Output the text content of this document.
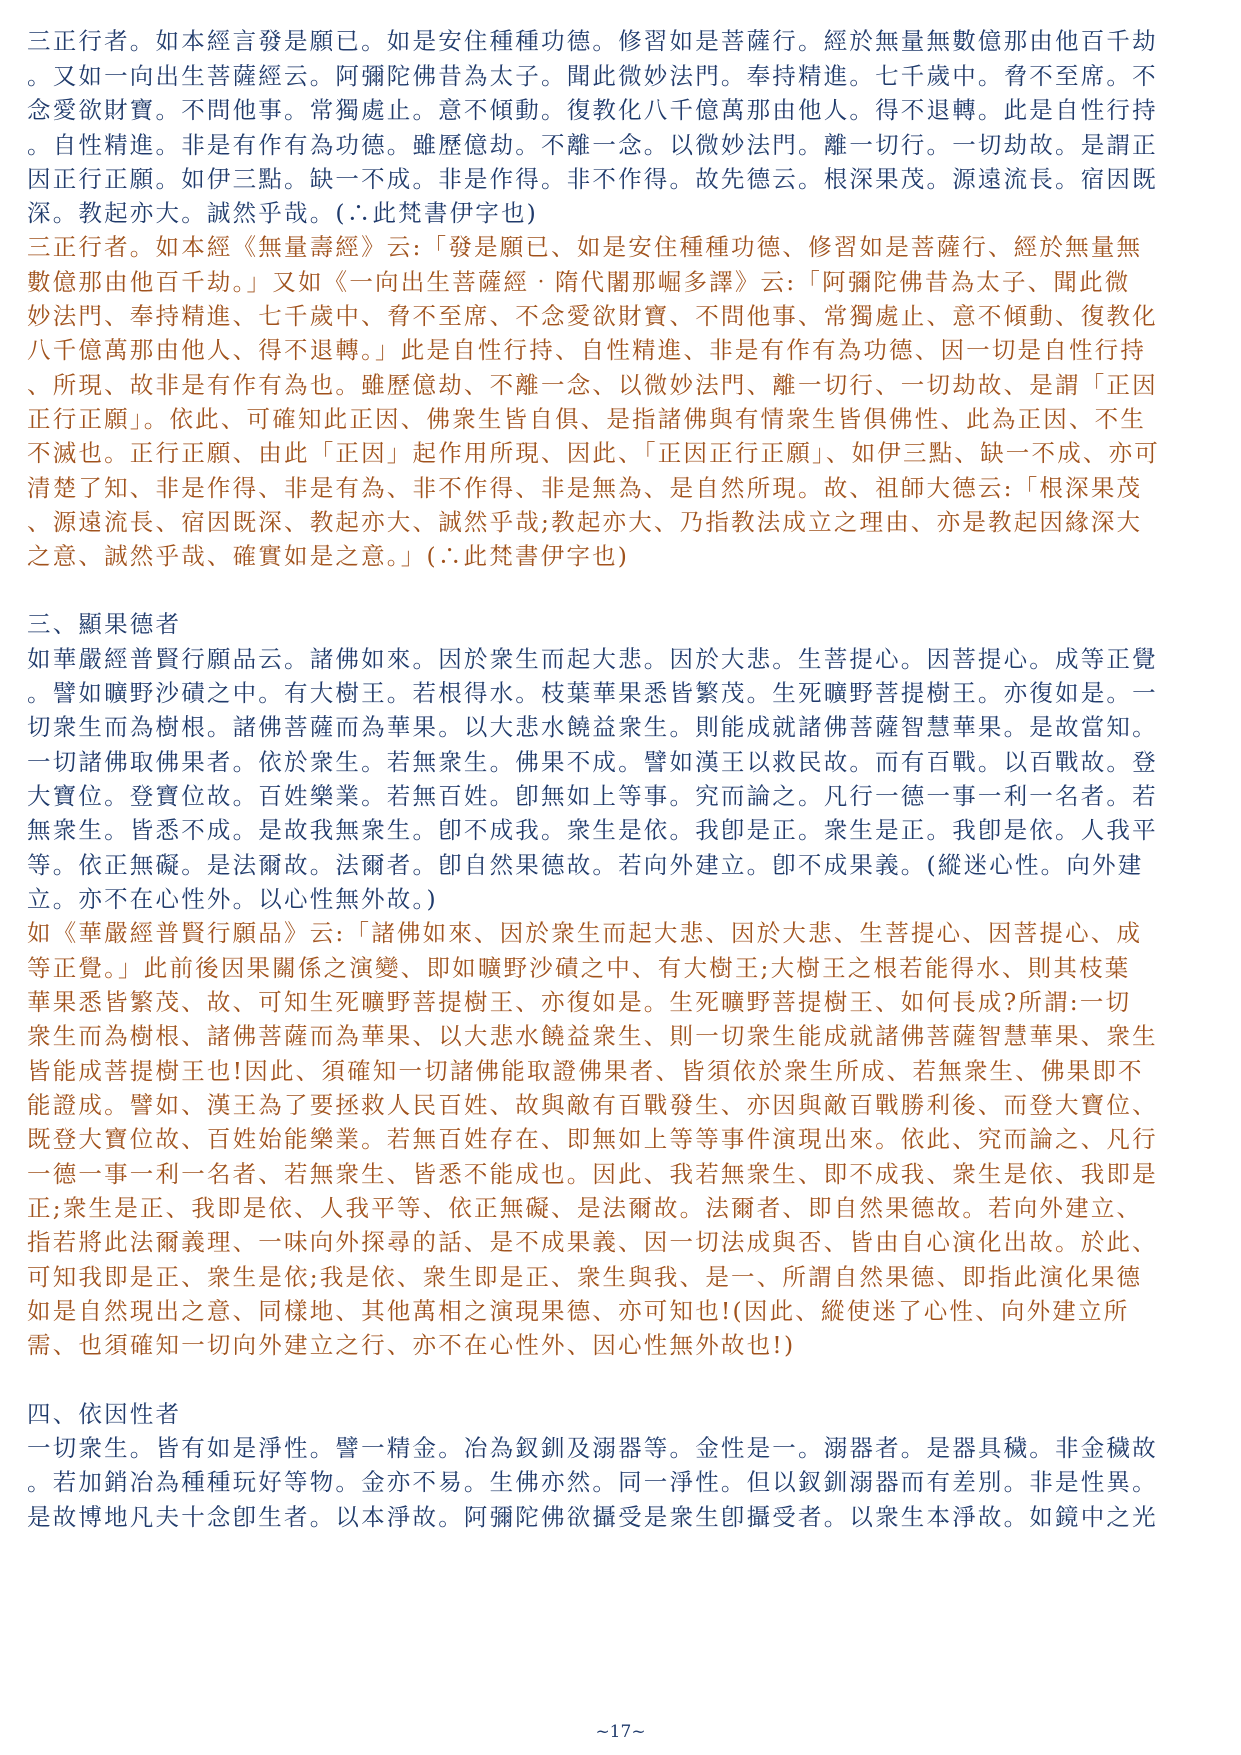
三正行者。如本經言發是願已。如是安住種種功德。修習如是菩薩行。經於無量無數億那由他百千劫
。又如一向出生菩薩經云。阿彌陀佛昔為太子。聞此微妙法門。奉持精進。七千歲中。脅不至席。不
念愛欲財寶。不問他事。常獨處止。意不傾動。復教化八千億萬那由他人。得不退轉。此是自性行持
。自性精進。非是有作有為功德。雖歷億劫。不離一念。以微妙法門。離一切行。一切劫故。是謂正
因正行正願。如伊三點。缺一不成。非是作得。非不作得。故先德云。根深果茂。源遠流長。宿因既
深。教起亦大。誠然乎哉。(∴此梵書伊字也)
三正行者。如本經《無量壽經》云:「發是願已、如是安住種種功德、修習如是菩薩行、經於無量無
數億那由他百千劫。」又如《一向出生菩薩經‧隋代闍那崛多譯》云:「阿彌陀佛昔為太子、聞此微
妙法門、奉持精進、七千歲中、脅不至席、不念愛欲財寶、不問他事、常獨處止、意不傾動、復教化
八千億萬那由他人、得不退轉。」此是自性行持、自性精進、非是有作有為功德、因一切是自性行持
、所現、故非是有作有為也。雖歷億劫、不離一念、以微妙法門、離一切行、一切劫故、是謂「正因
正行正願」。依此、可確知此正因、佛衆生皆自俱、是指諸佛與有情衆生皆俱佛性、此為正因、不生
不滅也。正行正願、由此「正因」起作用所現、因此、「正因正行正願」、如伊三點、缺一不成、亦可
清楚了知、非是作得、非是有為、非不作得、非是無為、是自然所現。故、祖師大德云:「根深果茂
、源遠流長、宿因既深、教起亦大、誠然乎哉;教起亦大、乃指教法成立之理由、亦是教起因緣深大
之意、誠然乎哉、確實如是之意。」(∴此梵書伊字也)
三、顯果德者
如華嚴經普賢行願品云。諸佛如來。因於衆生而起大悲。因於大悲。生菩提心。因菩提心。成等正覺
。譬如曠野沙磧之中。有大樹王。若根得水。枝葉華果悉皆繁茂。生死曠野菩提樹王。亦復如是。一
切衆生而為樹根。諸佛菩薩而為華果。以大悲水饒益衆生。則能成就諸佛菩薩智慧華果。是故當知。
一切諸佛取佛果者。依於衆生。若無衆生。佛果不成。譬如漢王以救民故。而有百戰。以百戰故。登
大寶位。登寶位故。百姓樂業。若無百姓。卽無如上等事。究而論之。凡行一德一事一利一名者。若
無衆生。皆悉不成。是故我無衆生。卽不成我。衆生是依。我卽是正。衆生是正。我卽是依。人我平
等。依正無礙。是法爾故。法爾者。卽自然果德故。若向外建立。卽不成果義。(縱迷心性。向外建
立。亦不在心性外。以心性無外故。)
如《華嚴經普賢行願品》云:「諸佛如來、因於衆生而起大悲、因於大悲、生菩提心、因菩提心、成
等正覺。」此前後因果關係之演變、即如曠野沙磧之中、有大樹王;大樹王之根若能得水、則其枝葉
華果悉皆繁茂、故、可知生死曠野菩提樹王、亦復如是。生死曠野菩提樹王、如何長成?所謂:一切
衆生而為樹根、諸佛菩薩而為華果、以大悲水饒益衆生、則一切衆生能成就諸佛菩薩智慧華果、衆生
皆能成菩提樹王也!因此、須確知一切諸佛能取證佛果者、皆須依於衆生所成、若無衆生、佛果即不
能證成。譬如、漢王為了要拯救人民百姓、故與敵有百戰發生、亦因與敵百戰勝利後、而登大寶位、
既登大寶位故、百姓始能樂業。若無百姓存在、即無如上等等事件演現出來。依此、究而論之、凡行
一德一事一利一名者、若無衆生、皆悉不能成也。因此、我若無衆生、即不成我、衆生是依、我即是
正;衆生是正、我即是依、人我平等、依正無礙、是法爾故。法爾者、即自然果德故。若向外建立、
指若將此法爾義理、一味向外探尋的話、是不成果義、因一切法成與否、皆由自心演化出故。於此、
可知我即是正、衆生是依;我是依、衆生即是正、衆生與我、是一、所謂自然果德、即指此演化果德
如是自然現出之意、同樣地、其他萬相之演現果德、亦可知也!(因此、縱使迷了心性、向外建立所
需、也須確知一切向外建立之行、亦不在心性外、因心性無外故也!)
四、依因性者
一切衆生。皆有如是淨性。譬一精金。冶為釵釧及溺器等。金性是一。溺器者。是器具穢。非金穢故
。若加銷冶為種種玩好等物。金亦不易。生佛亦然。同一淨性。但以釵釧溺器而有差別。非是性異。
是故博地凡夫十念卽生者。以本淨故。阿彌陀佛欲攝受是衆生卽攝受者。以衆生本淨故。如鏡中之光
~17~
